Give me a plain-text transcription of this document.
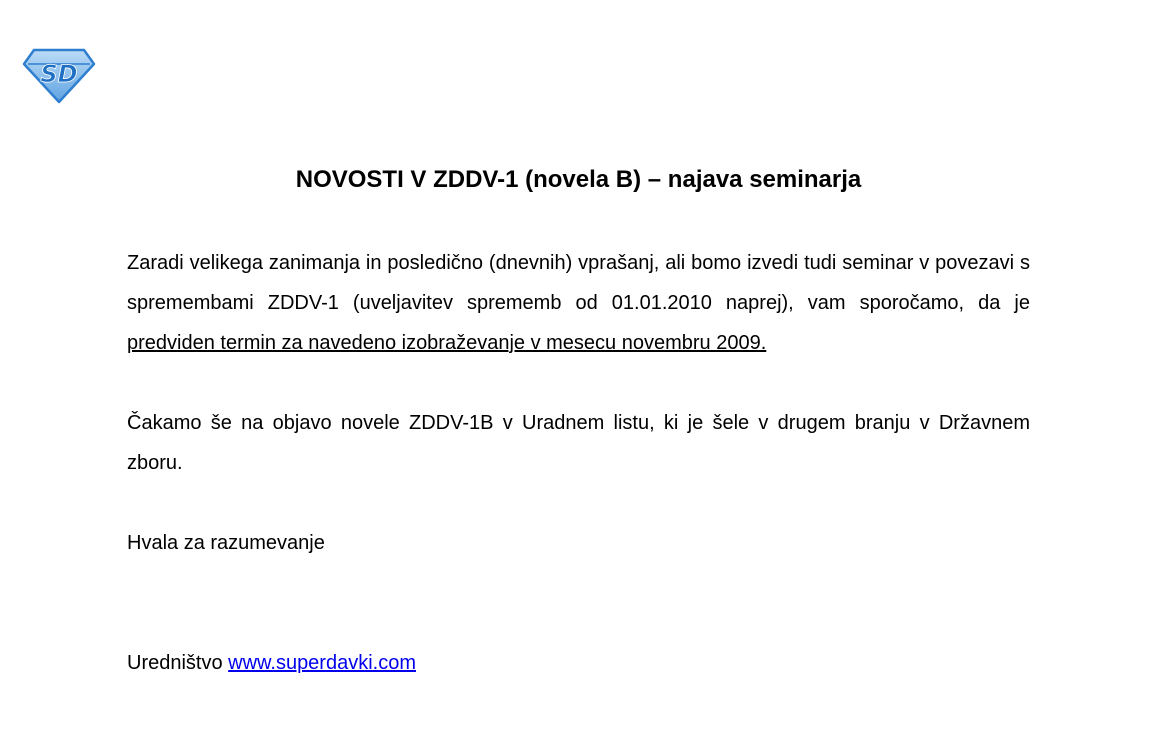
SD
NOVOSTI V ZDDV-1 (novela B) – najava seminarja

Zaradi velikega zanimanja in posledično (dnevnih) vprašanj, ali bomo izvedi tudi seminar v povezavi s spremembami ZDDV-1 (uveljavitev sprememb od 01.01.2010 naprej), vam sporočamo, da je predviden termin za navedeno izobraževanje v mesecu novembru 2009.

Čakamo še na objavo novele ZDDV-1B v Uradnem listu, ki je šele v drugem branju v Državnem zboru.

Hvala za razumevanje

Uredništvo www.superdavki.com
